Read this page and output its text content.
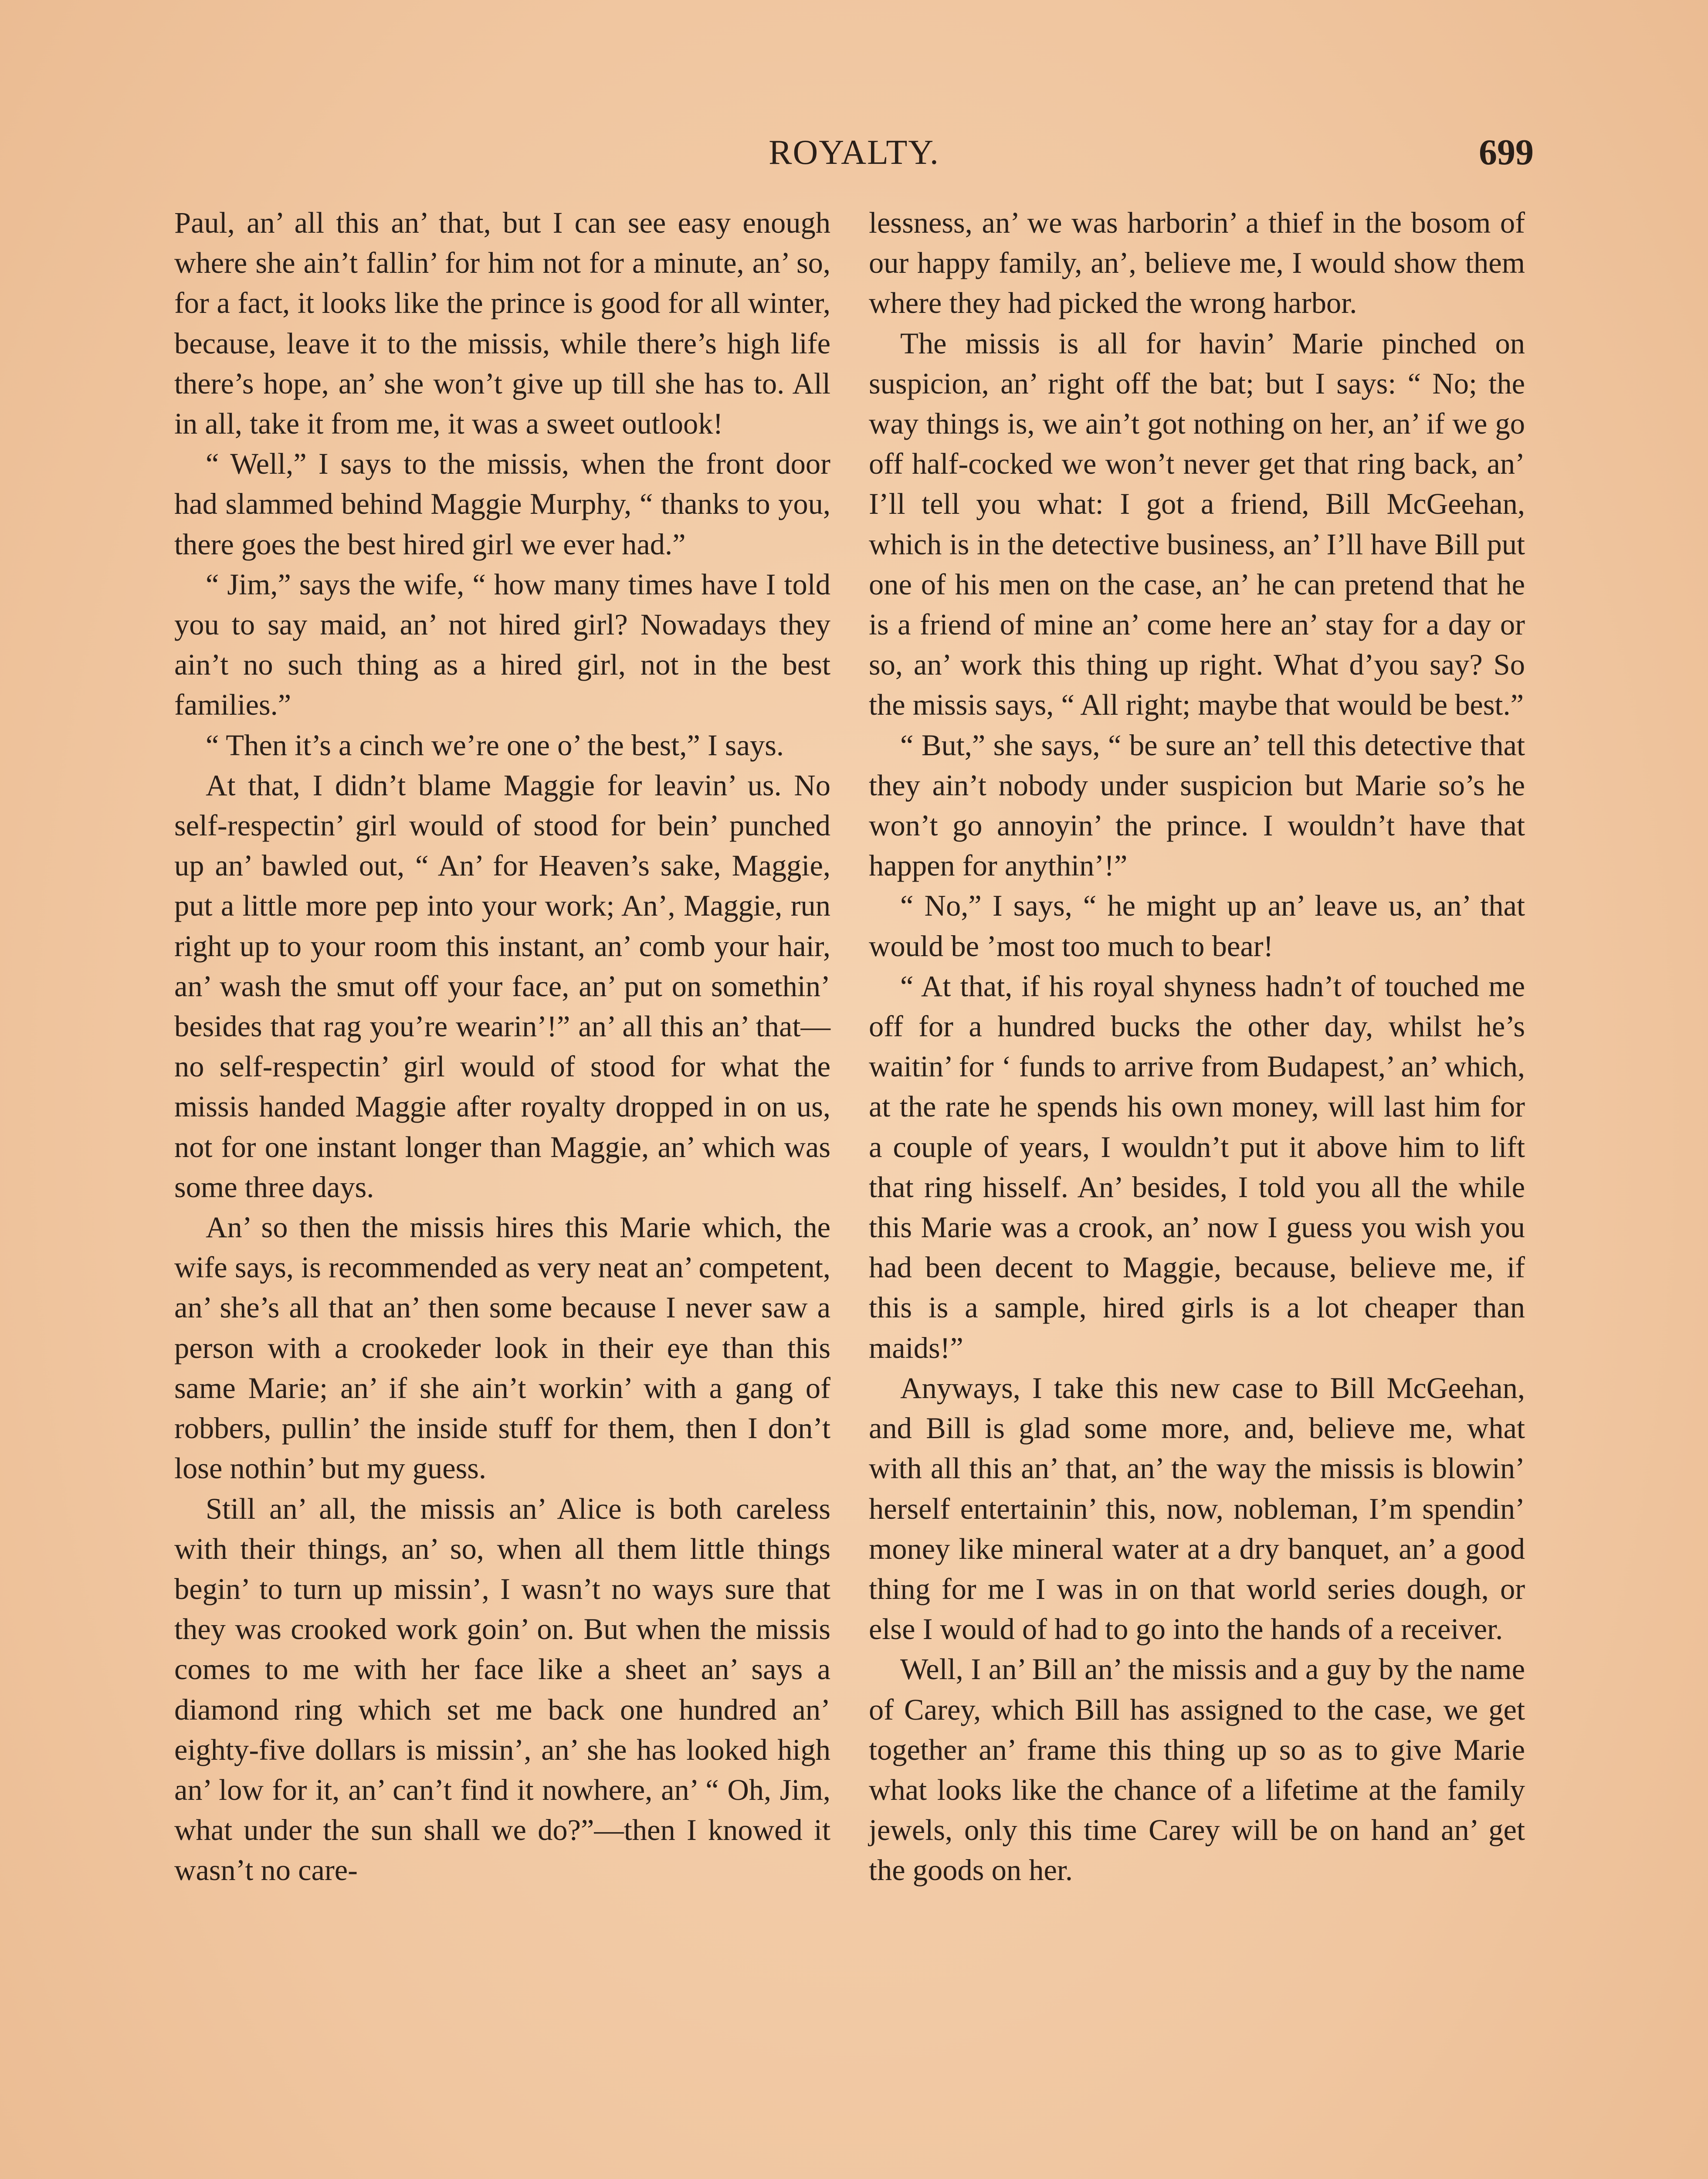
ROYALTY.	699

Paul, an’ all this an’ that, but I can see easy enough where she ain’t fallin’ for him not for a minute, an’ so, for a fact, it looks like the prince is good for all winter, because, leave it to the missis, while there’s high life there’s hope, an’ she won’t give up till she has to. All in all, take it from me, it was a sweet outlook!

“ Well,” I says to the missis, when the front door had slammed behind Maggie Murphy, “ thanks to you, there goes the best hired girl we ever had.”

“ Jim,” says the wife, “ how many times have I told you to say maid, an’ not hired girl? Nowadays they ain’t no such thing as a hired girl, not in the best families.”

“ Then it’s a cinch we’re one o’ the best,” I says.

At that, I didn’t blame Maggie for leavin’ us. No self-respectin’ girl would of stood for bein’ punched up an’ bawled out, “ An’ for Heaven’s sake, Maggie, put a little more pep into your work; An’, Maggie, run right up to your room this instant, an’ comb your hair, an’ wash the smut off your face, an’ put on somethin’ besides that rag you’re wearin’!” an’ all this an’ that—no self-respectin’ girl would of stood for what the missis handed Maggie after royalty dropped in on us, not for one instant longer than Maggie, an’ which was some three days.

An’ so then the missis hires this Marie which, the wife says, is recommended as very neat an’ competent, an’ she’s all that an’ then some because I never saw a person with a crookeder look in their eye than this same Marie; an’ if she ain’t workin’ with a gang of robbers, pullin’ the inside stuff for them, then I don’t lose nothin’ but my guess.

Still an’ all, the missis an’ Alice is both careless with their things, an’ so, when all them little things begin’ to turn up missin’, I wasn’t no ways sure that they was crooked work goin’ on. But when the missis comes to me with her face like a sheet an’ says a diamond ring which set me back one hundred an’ eighty-five dollars is missin’, an’ she has looked high an’ low for it, an’ can’t find it nowhere, an’ “ Oh, Jim, what under the sun shall we do?”—then I knowed it wasn’t no care-

lessness, an’ we was harborin’ a thief in the bosom of our happy family, an’, believe me, I would show them where they had picked the wrong harbor.

The missis is all for havin’ Marie pinched on suspicion, an’ right off the bat; but I says: “ No; the way things is, we ain’t got nothing on her, an’ if we go off half-cocked we won’t never get that ring back, an’ I’ll tell you what: I got a friend, Bill McGeehan, which is in the detective business, an’ I’ll have Bill put one of his men on the case, an’ he can pretend that he is a friend of mine an’ come here an’ stay for a day or so, an’ work this thing up right. What d’you say? So the missis says, “ All right; maybe that would be best.”

“ But,” she says, “ be sure an’ tell this detective that they ain’t nobody under suspicion but Marie so’s he won’t go annoyin’ the prince. I wouldn’t have that happen for anythin’!”

“ No,” I says, “ he might up an’ leave us, an’ that would be ’most too much to bear!

“ At that, if his royal shyness hadn’t of touched me off for a hundred bucks the other day, whilst he’s waitin’ for ‘ funds to arrive from Budapest,’ an’ which, at the rate he spends his own money, will last him for a couple of years, I wouldn’t put it above him to lift that ring hisself. An’ besides, I told you all the while this Marie was a crook, an’ now I guess you wish you had been decent to Maggie, because, believe me, if this is a sample, hired girls is a lot cheaper than maids!”

Anyways, I take this new case to Bill McGeehan, and Bill is glad some more, and, believe me, what with all this an’ that, an’ the way the missis is blowin’ herself entertainin’ this, now, nobleman, I’m spendin’ money like mineral water at a dry banquet, an’ a good thing for me I was in on that world series dough, or else I would of had to go into the hands of a receiver.

Well, I an’ Bill an’ the missis and a guy by the name of Carey, which Bill has assigned to the case, we get together an’ frame this thing up so as to give Marie what looks like the chance of a lifetime at the family jewels, only this time Carey will be on hand an’ get the goods on her.
